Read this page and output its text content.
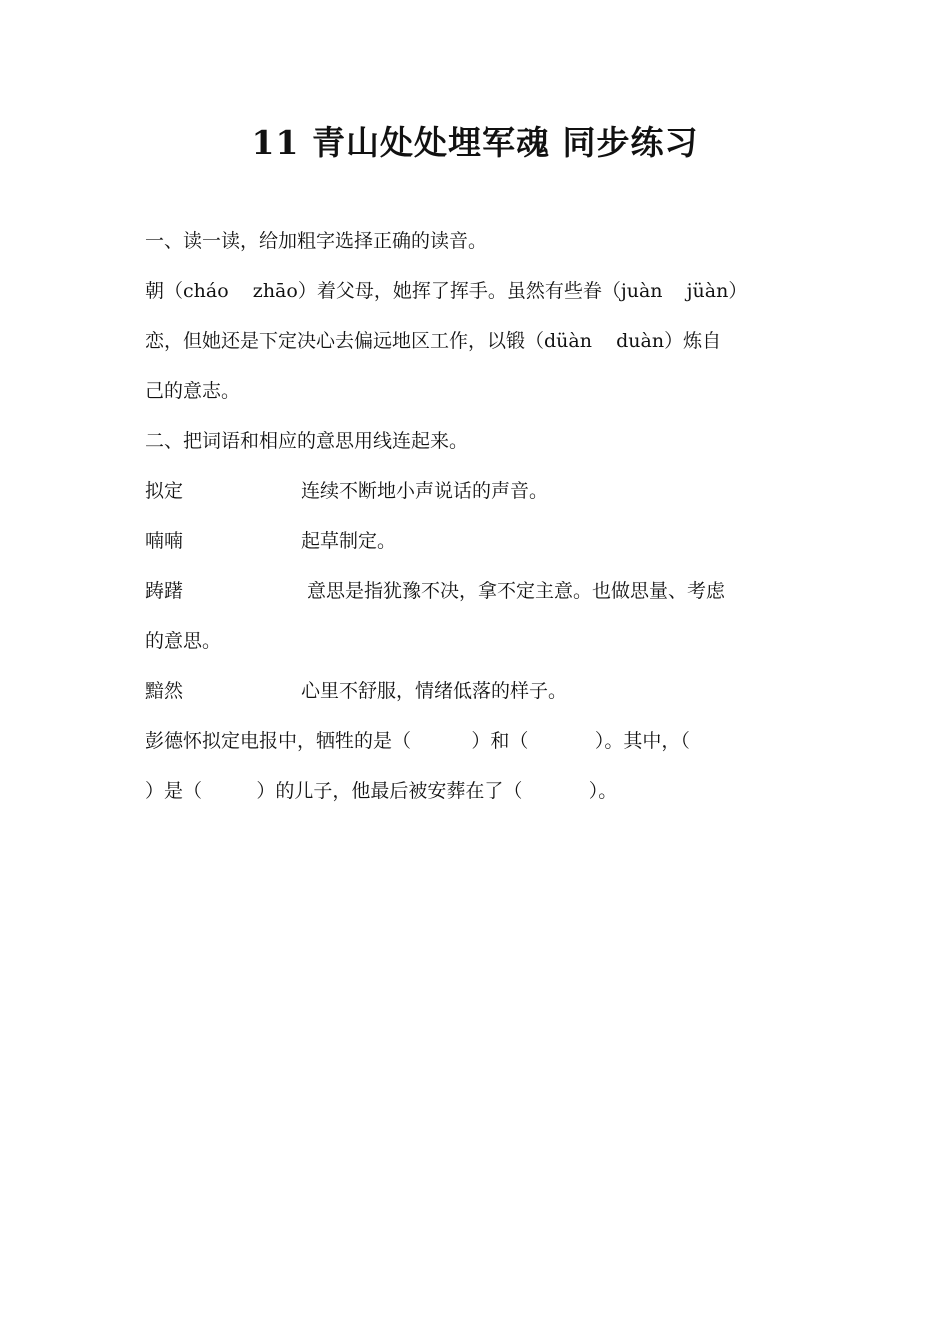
11 青山处处埋军魂 同步练习
一、读一读，给加粗字选择正确的读音。
朝（cháo    zhāo）着父母，她挥了挥手。虽然有些眷（juàn    jüàn）
恋，但她还是下定决心去偏远地区工作，以锻（düàn    duàn）炼自
己的意志。
二、把词语和相应的意思用线连起来。
拟定	连续不断地小声说话的声音。
喃喃	起草制定。
踌躇	意思是指犹豫不决，拿不定主意。也做思量、考虑
的意思。
黯然	心里不舒服，情绪低落的样子。
彭德怀拟定电报中，牺牲的是（          ）和（           ）。其中，（
）是（         ）的儿子，他最后被安葬在了（           ）。
